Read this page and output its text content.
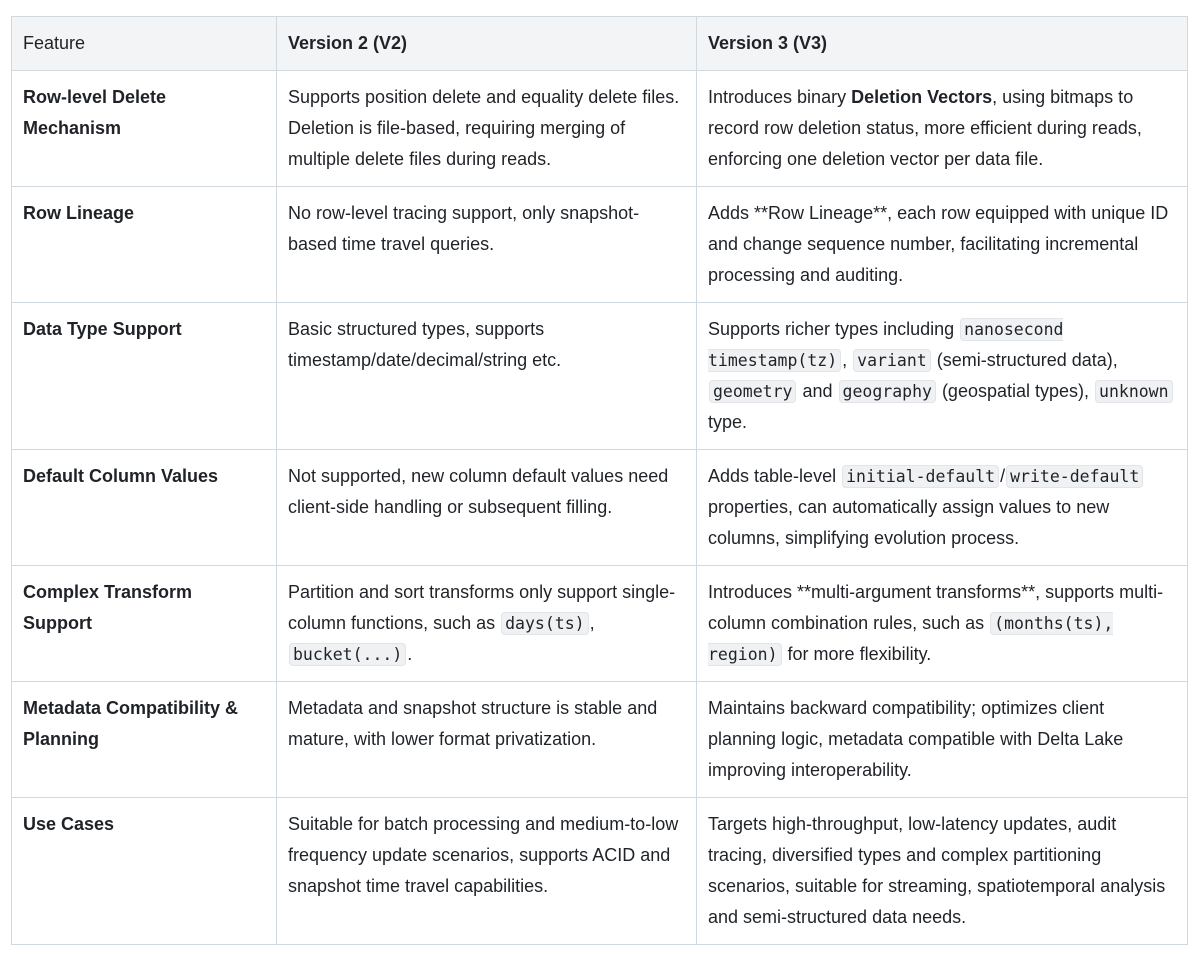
Feature	Version 2 (V2)	Version 3 (V3)
Row-level Delete Mechanism	Supports position delete and equality delete files. Deletion is file-based, requiring merging of multiple delete files during reads.	Introduces binary Deletion Vectors, using bitmaps to record row deletion status, more efficient during reads, enforcing one deletion vector per data file.
Row Lineage	No row-level tracing support, only snapshot-based time travel queries.	Adds **Row Lineage**, each row equipped with unique ID and change sequence number, facilitating incremental processing and auditing.
Data Type Support	Basic structured types, supports timestamp/date/decimal/string etc.	Supports richer types including nanosecond timestamp(tz) , variant (semi-structured data), geometry and geography (geospatial types), unknown type.
Default Column Values	Not supported, new column default values need client-side handling or subsequent filling.	Adds table-level initial-default / write-default properties, can automatically assign values to new columns, simplifying evolution process.
Complex Transform Support	Partition and sort transforms only support single-column functions, such as days(ts) , bucket(...) .	Introduces **multi-argument transforms**, supports multi-column combination rules, such as (months(ts), region) for more flexibility.
Metadata Compatibility & Planning	Metadata and snapshot structure is stable and mature, with lower format privatization.	Maintains backward compatibility; optimizes client planning logic, metadata compatible with Delta Lake improving interoperability.
Use Cases	Suitable for batch processing and medium-to-low frequency update scenarios, supports ACID and snapshot time travel capabilities.	Targets high-throughput, low-latency updates, audit tracing, diversified types and complex partitioning scenarios, suitable for streaming, spatiotemporal analysis and semi-structured data needs.
